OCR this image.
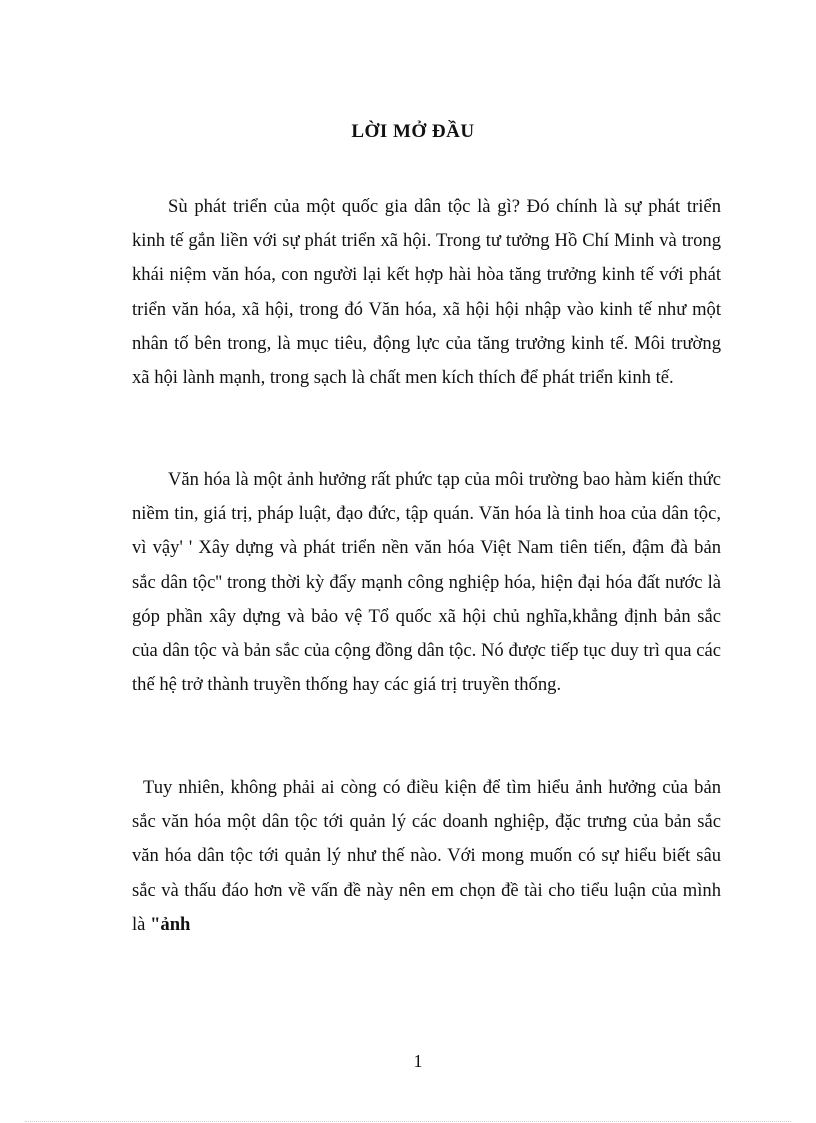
LỜI MỞ ĐẦU

Sù phát triển của một quốc gia dân tộc là gì? Đó chính là sự phát triển kinh tế gắn liền với sự phát triển xã hội. Trong tư tưởng Hồ Chí Minh và trong khái niệm văn hóa, con người lại kết hợp hài hòa tăng trưởng kinh tế với phát triển văn hóa, xã hội, trong đó Văn hóa, xã hội hội nhập vào kinh tế như một nhân tố bên trong, là mục tiêu, động lực của tăng trưởng kinh tế. Môi trường xã hội lành mạnh, trong sạch là chất men kích thích để phát triển kinh tế.

Văn hóa là một ảnh hưởng rất phức tạp của môi trường bao hàm kiến thức niềm tin, giá trị, pháp luật, đạo đức, tập quán. Văn hóa là tinh hoa của dân tộc, vì vậy' ' Xây dựng và phát triển nền văn hóa Việt Nam tiên tiến, đậm đà bản sắc dân tộc'' trong thời kỳ đẩy mạnh công nghiệp hóa, hiện đại hóa đất nước là góp phần xây dựng và bảo vệ Tổ quốc xã hội chủ nghĩa,khẳng định bản sắc của dân tộc và bản sắc của cộng đồng dân tộc. Nó được tiếp tục duy trì qua các thế hệ trở thành truyền thống hay các giá trị truyền thống.

Tuy nhiên, không phải ai còng có điều kiện để tìm hiểu ảnh hưởng của bản sắc văn hóa một dân tộc tới quản lý các doanh nghiệp, đặc trưng của bản sắc văn hóa dân tộc tới quản lý như thế nào. Với mong muốn có sự hiểu biết sâu sắc và thấu đáo hơn về vấn đề này nên em chọn đề tài cho tiểu luận của mình là "ảnh

1
